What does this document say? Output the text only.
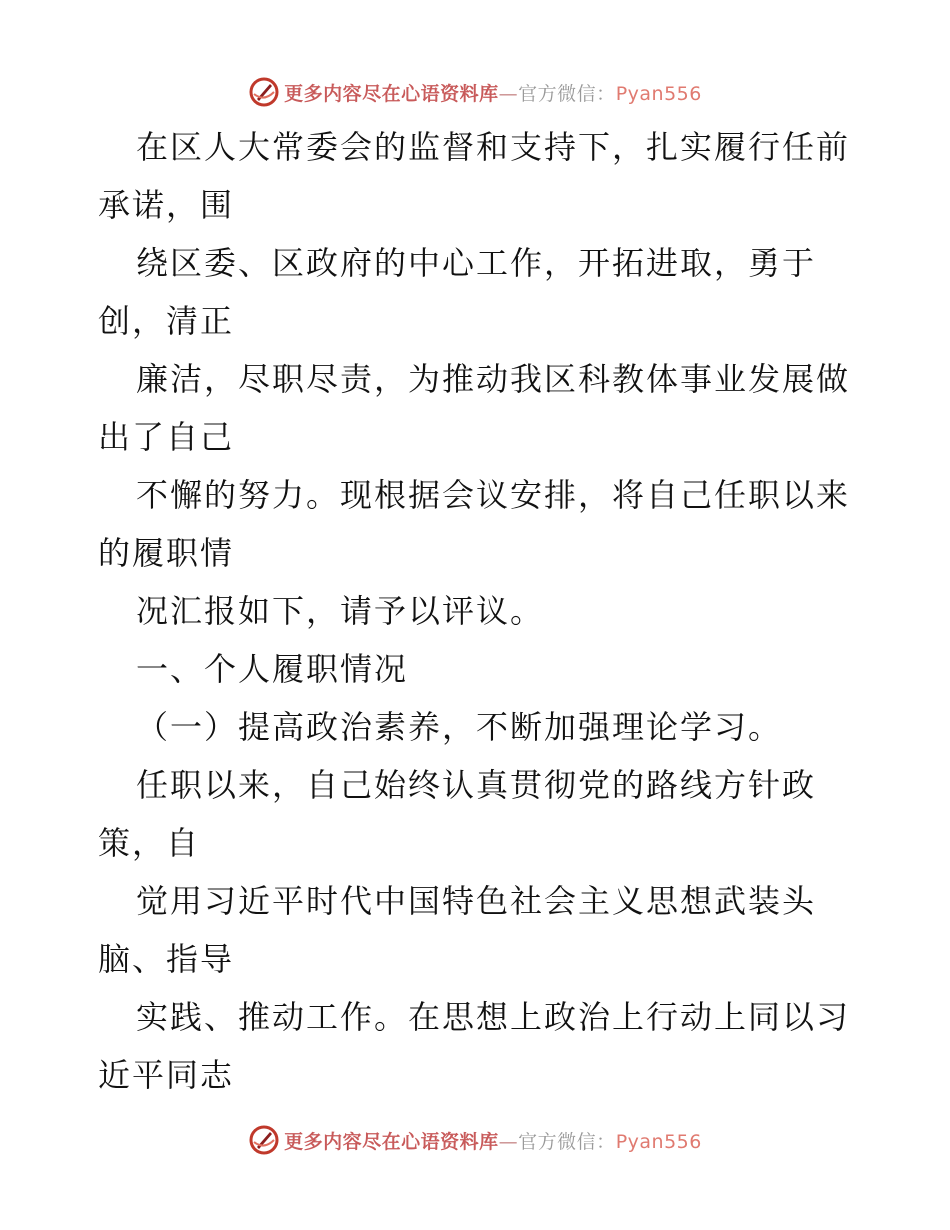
更多内容尽在心语资料库—官方微信：Pyan556
在区人大常委会的监督和支持下，扎实履行任前
承诺，围
绕区委、区政府的中心工作，开拓进取，勇于
创，清正
廉洁，尽职尽责，为推动我区科教体事业发展做
出了自己
不懈的努力。现根据会议安排，将自己任职以来
的履职情
况汇报如下，请予以评议。
一、个人履职情况
（一）提高政治素养，不断加强理论学习。
任职以来，自己始终认真贯彻党的路线方针政
策，自
觉用习近平时代中国特色社会主义思想武装头
脑、指导
实践、推动工作。在思想上政治上行动上同以习
近平同志
更多内容尽在心语资料库—官方微信：Pyan556
